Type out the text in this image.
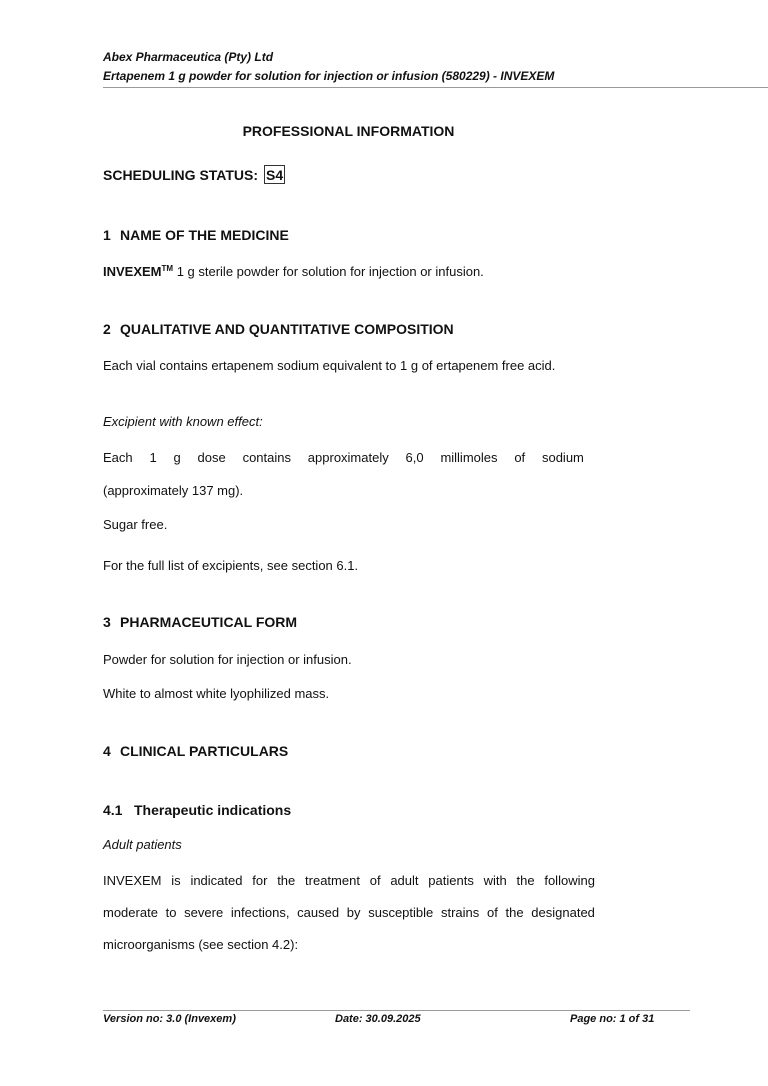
Abex Pharmaceutica (Pty) Ltd
Ertapenem 1 g powder for solution for injection or infusion (580229) - INVEXEM
PROFESSIONAL INFORMATION
SCHEDULING STATUS: S4
1 NAME OF THE MEDICINE
INVEXEM™ 1 g sterile powder for solution for injection or infusion.
2 QUALITATIVE AND QUANTITATIVE COMPOSITION
Each vial contains ertapenem sodium equivalent to 1 g of ertapenem free acid.
Excipient with known effect:
Each 1 g dose contains approximately 6,0 millimoles of sodium
(approximately 137 mg).
Sugar free.
For the full list of excipients, see section 6.1.
3 PHARMACEUTICAL FORM
Powder for solution for injection or infusion.
White to almost white lyophilized mass.
4 CLINICAL PARTICULARS
4.1 Therapeutic indications
Adult patients
INVEXEM is indicated for the treatment of adult patients with the following
moderate to severe infections, caused by susceptible strains of the designated
microorganisms (see section 4.2):
Version no: 3.0 (Invexem)	Date: 30.09.2025	Page no: 1 of 31
